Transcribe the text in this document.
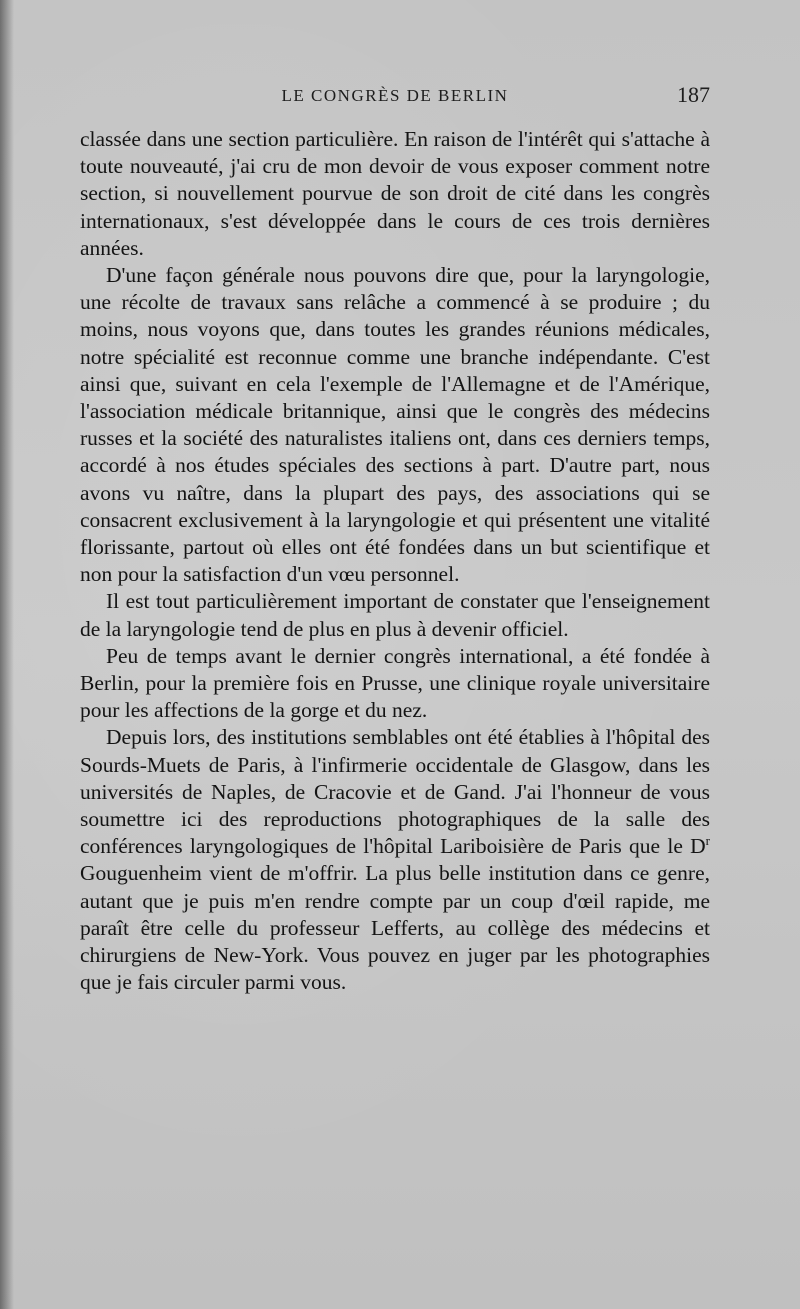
LE CONGRÈS DE BERLIN	187

classée dans une section particulière. En raison de l'intérêt qui s'attache à toute nouveauté, j'ai cru de mon devoir de vous exposer comment notre section, si nouvellement pourvue de son droit de cité dans les congrès internationaux, s'est développée dans le cours de ces trois dernières années.

D'une façon générale nous pouvons dire que, pour la laryngologie, une récolte de travaux sans relâche a commencé à se produire ; du moins, nous voyons que, dans toutes les grandes réunions médicales, notre spécialité est reconnue comme une branche indépendante. C'est ainsi que, suivant en cela l'exemple de l'Allemagne et de l'Amérique, l'association médicale britannique, ainsi que le congrès des médecins russes et la société des naturalistes italiens ont, dans ces derniers temps, accordé à nos études spéciales des sections à part. D'autre part, nous avons vu naître, dans la plupart des pays, des associations qui se consacrent exclusivement à la laryngologie et qui présentent une vitalité florissante, partout où elles ont été fondées dans un but scientifique et non pour la satisfaction d'un vœu personnel.

Il est tout particulièrement important de constater que l'enseignement de la laryngologie tend de plus en plus à devenir officiel.

Peu de temps avant le dernier congrès international, a été fondée à Berlin, pour la première fois en Prusse, une clinique royale universitaire pour les affections de la gorge et du nez.

Depuis lors, des institutions semblables ont été établies à l'hôpital des Sourds-Muets de Paris, à l'infirmerie occidentale de Glasgow, dans les universités de Naples, de Cracovie et de Gand. J'ai l'honneur de vous soumettre ici des reproductions photographiques de la salle des conférences laryngologiques de l'hôpital Lariboisière de Paris que le $D^r$ Gouguenheim vient de m'offrir. La plus belle institution dans ce genre, autant que je puis m'en rendre compte par un coup d'œil rapide, me paraît être celle du professeur Lefferts, au collège des médecins et chirurgiens de New-York. Vous pouvez en juger par les photographies que je fais circuler parmi vous.
